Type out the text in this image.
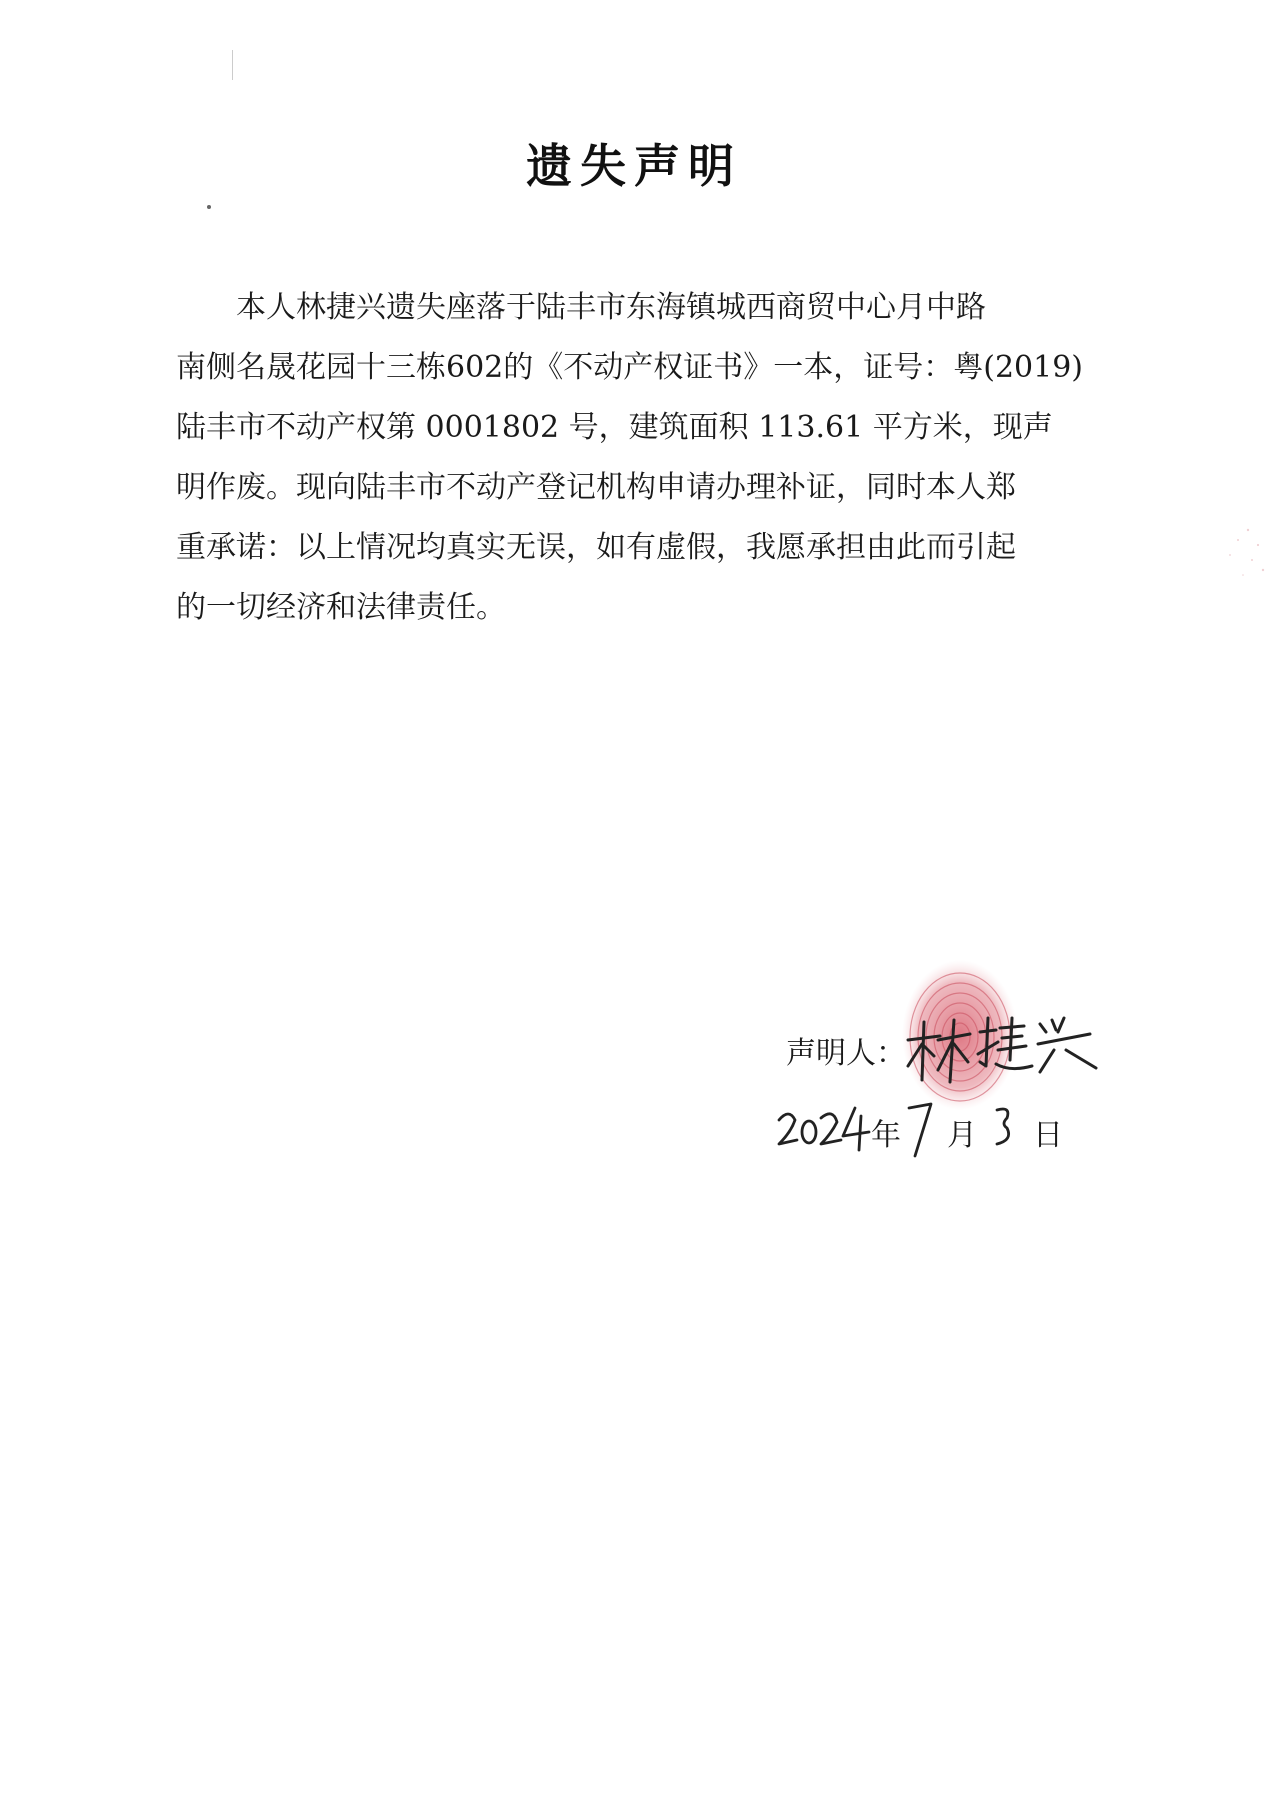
遗失声明
本人林捷兴遗失座落于陆丰市东海镇城西商贸中心月中路
南侧名晟花园十三栋602的《不动产权证书》一本，证号：粤(2019)
陆丰市不动产权第 0001802 号，建筑面积 113.61 平方米，现声
明作废。现向陆丰市不动产登记机构申请办理补证，同时本人郑
重承诺：以上情况均真实无误，如有虚假，我愿承担由此而引起
的一切经济和法律责任。
声明人：
年 月 日
